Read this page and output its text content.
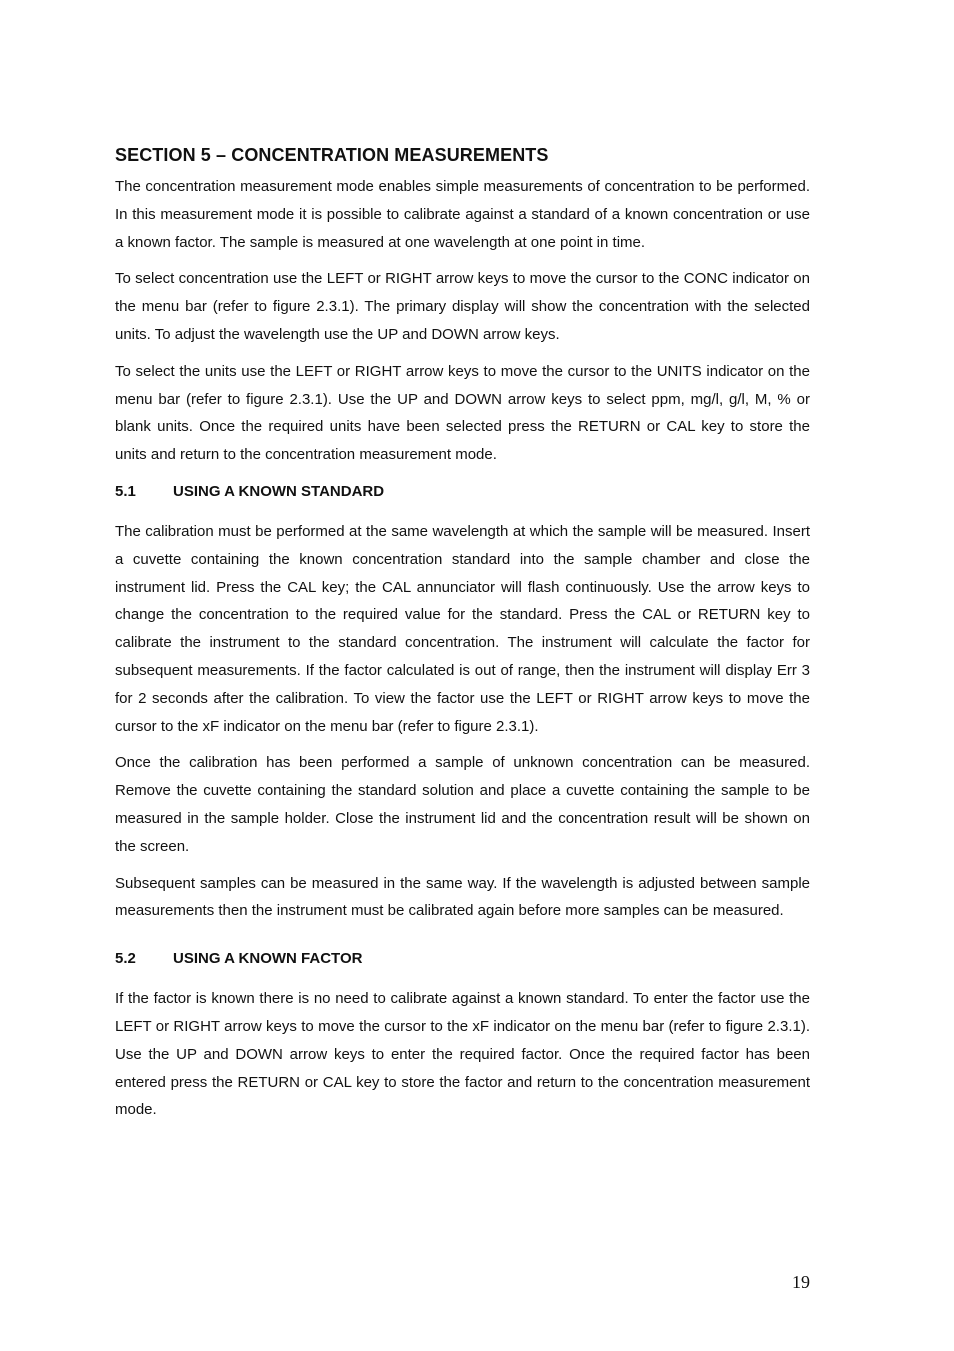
SECTION 5 – CONCENTRATION MEASUREMENTS

The concentration measurement mode enables simple measurements of concentration to be performed. In this measurement mode it is possible to calibrate against a standard of a known concentration or use a known factor. The sample is measured at one wavelength at one point in time.

To select concentration use the LEFT or RIGHT arrow keys to move the cursor to the CONC indicator on the menu bar (refer to figure 2.3.1). The primary display will show the concentration with the selected units. To adjust the wavelength use the UP and DOWN arrow keys.

To select the units use the LEFT or RIGHT arrow keys to move the cursor to the UNITS indicator on the menu bar (refer to figure 2.3.1). Use the UP and DOWN arrow keys to select ppm, mg/l, g/l, M, % or blank units. Once the required units have been selected press the RETURN or CAL key to store the units and return to the concentration measurement mode.

5.1	USING A KNOWN STANDARD

The calibration must be performed at the same wavelength at which the sample will be measured. Insert a cuvette containing the known concentration standard into the sample chamber and close the instrument lid. Press the CAL key; the CAL annunciator will flash continuously. Use the arrow keys to change the concentration to the required value for the standard. Press the CAL or RETURN key to calibrate the instrument to the standard concentration. The instrument will calculate the factor for subsequent measurements. If the factor calculated is out of range, then the instrument will display Err 3 for 2 seconds after the calibration. To view the factor use the LEFT or RIGHT arrow keys to move the cursor to the xF indicator on the menu bar (refer to figure 2.3.1).

Once the calibration has been performed a sample of unknown concentration can be measured. Remove the cuvette containing the standard solution and place a cuvette containing the sample to be measured in the sample holder. Close the instrument lid and the concentration result will be shown on the screen.

Subsequent samples can be measured in the same way. If the wavelength is adjusted between sample measurements then the instrument must be calibrated again before more samples can be measured.

5.2	USING A KNOWN FACTOR

If the factor is known there is no need to calibrate against a known standard. To enter the factor use the LEFT or RIGHT arrow keys to move the cursor to the xF indicator on the menu bar (refer to figure 2.3.1). Use the UP and DOWN arrow keys to enter the required factor. Once the required factor has been entered press the RETURN or CAL key to store the factor and return to the concentration measurement mode.

19
